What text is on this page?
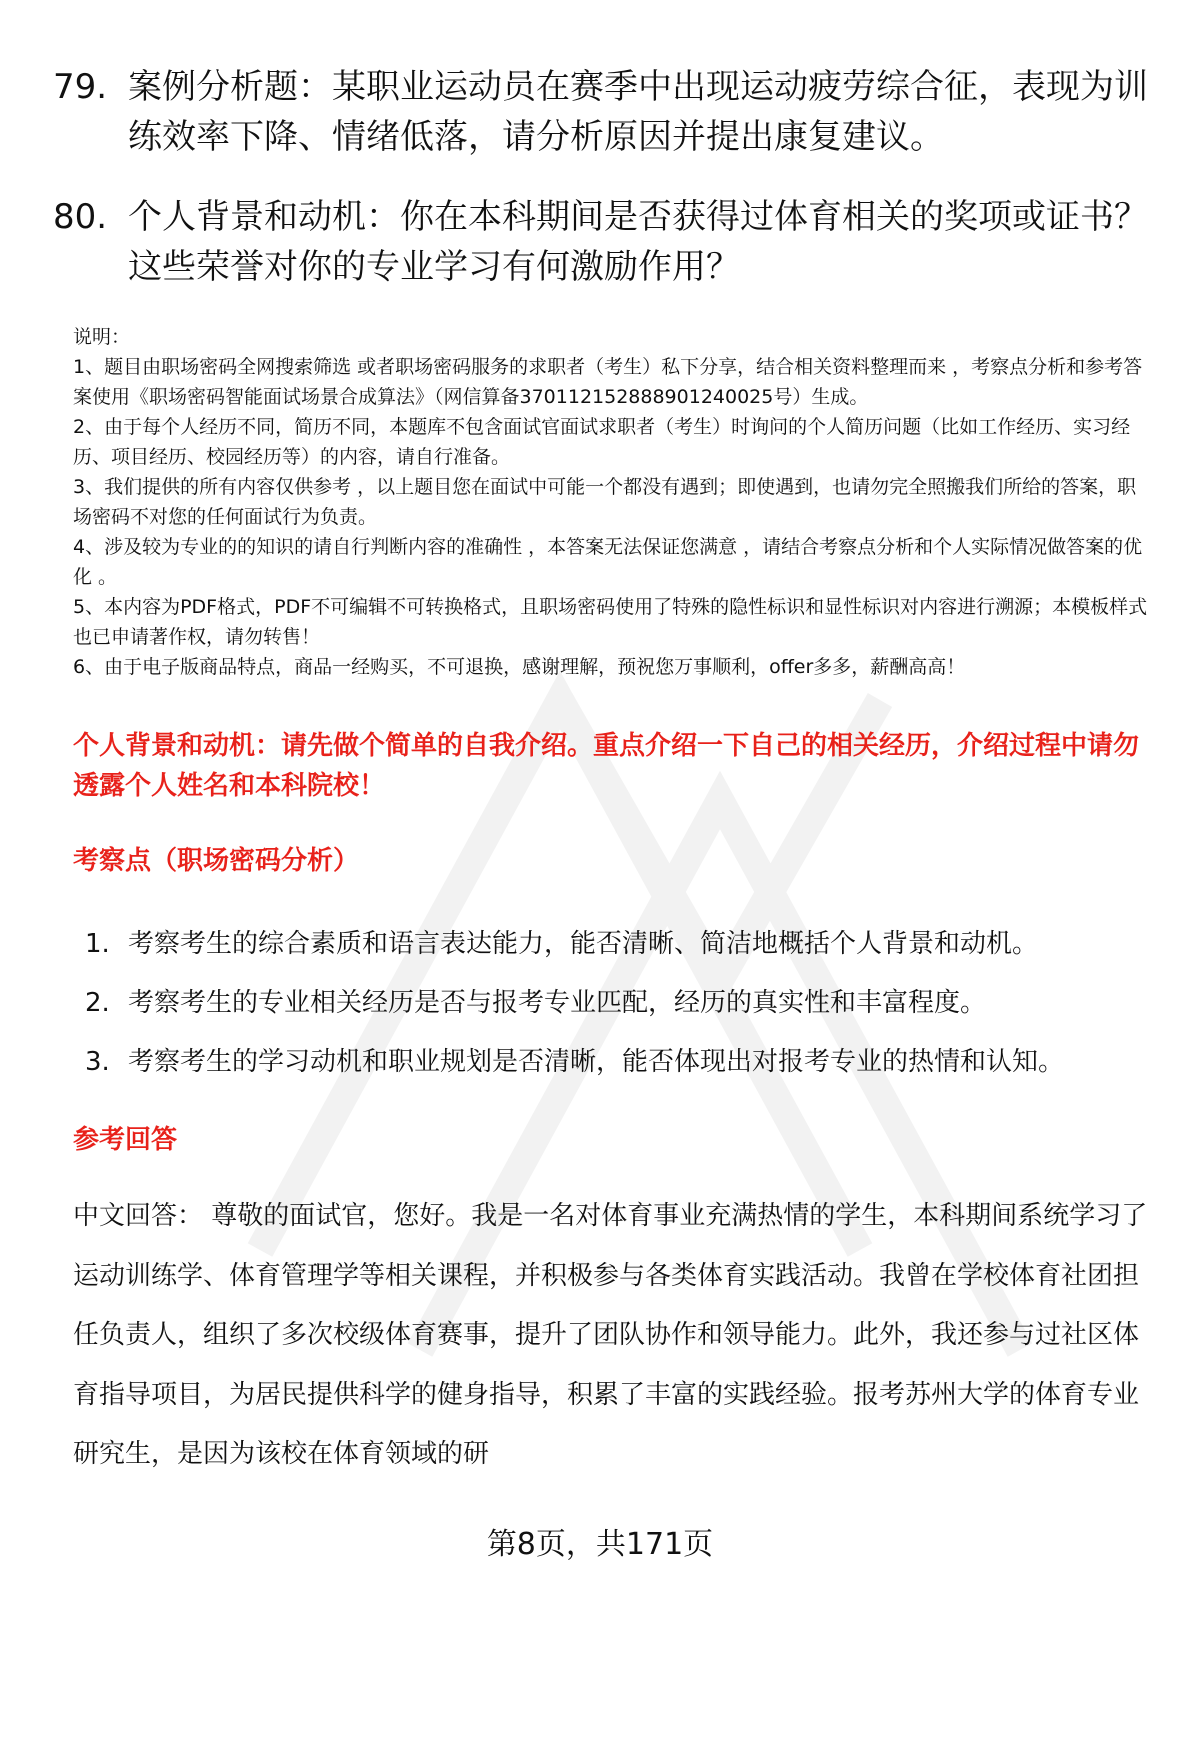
79. 案例分析题：某职业运动员在赛季中出现运动疲劳综合征，表现为训练效率下降、情绪低落，请分析原因并提出康复建议。
80. 个人背景和动机：你在本科期间是否获得过体育相关的奖项或证书？这些荣誉对你的专业学习有何激励作用？
说明：
1、题目由职场密码全网搜索筛选 或者职场密码服务的求职者（考生）私下分享，结合相关资料整理而来 ，考察点分析和参考答案使用《职场密码智能面试场景合成算法》（网信算备370112152888901240025号）生成。
2、由于每个人经历不同，简历不同，本题库不包含面试官面试求职者（考生）时询问的个人简历问题（比如工作经历、实习经历、项目经历、校园经历等）的内容，请自行准备。
3、我们提供的所有内容仅供参考 ，以上题目您在面试中可能一个都没有遇到；即使遇到，也请勿完全照搬我们所给的答案，职场密码不对您的任何面试行为负责。
4、涉及较为专业的的知识的请自行判断内容的准确性 ，本答案无法保证您满意 ，请结合考察点分析和个人实际情况做答案的优化 。
5、本内容为PDF格式，PDF不可编辑不可转换格式，且职场密码使用了特殊的隐性标识和显性标识对内容进行溯源；本模板样式也已申请著作权，请勿转售！
6、由于电子版商品特点，商品一经购买，不可退换，感谢理解，预祝您万事顺利，offer多多，薪酬高高！
个人背景和动机：请先做个简单的自我介绍。重点介绍一下自己的相关经历，介绍过程中请勿透露个人姓名和本科院校！
考察点（职场密码分析）
1. 考察考生的综合素质和语言表达能力，能否清晰、简洁地概括个人背景和动机。
2. 考察考生的专业相关经历是否与报考专业匹配，经历的真实性和丰富程度。
3. 考察考生的学习动机和职业规划是否清晰，能否体现出对报考专业的热情和认知。
参考回答
中文回答： 尊敬的面试官，您好。我是一名对体育事业充满热情的学生，本科期间系统学习了运动训练学、体育管理学等相关课程，并积极参与各类体育实践活动。我曾在学校体育社团担任负责人，组织了多次校级体育赛事，提升了团队协作和领导能力。此外，我还参与过社区体育指导项目，为居民提供科学的健身指导，积累了丰富的实践经验。报考苏州大学的体育专业研究生，是因为该校在体育领域的研
第8页，共171页
